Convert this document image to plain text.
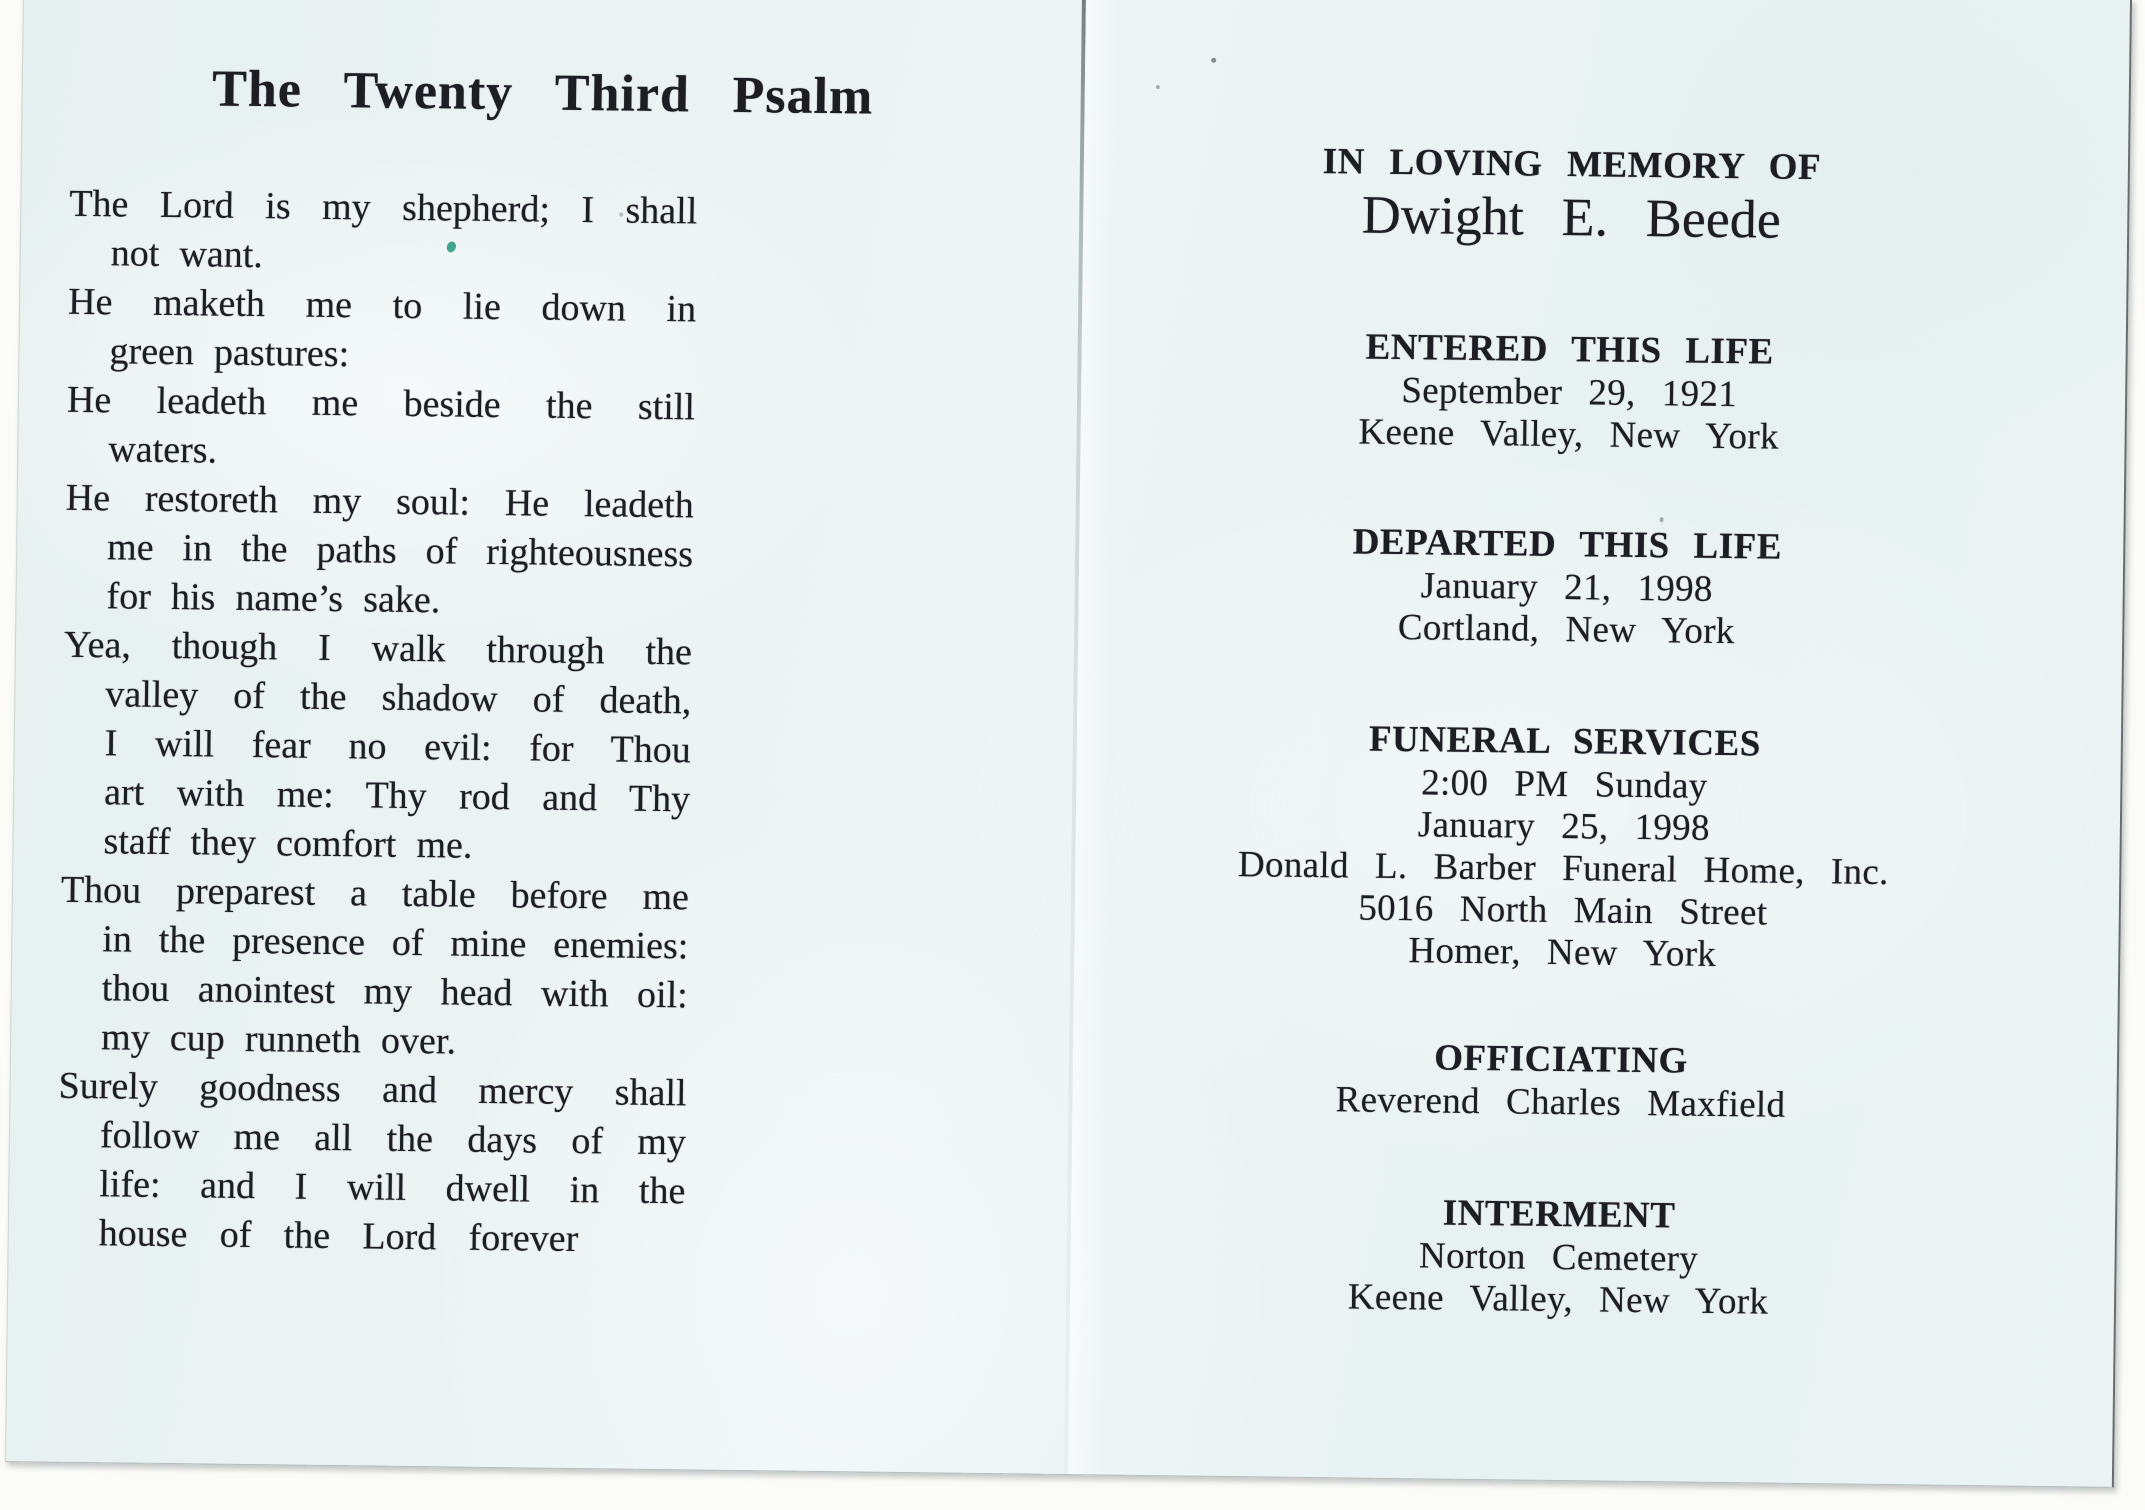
The Twenty Third Psalm
The Lord is my shepherd; I shall
not want.
He maketh me to lie down in
green pastures:
He leadeth me beside the still
waters.
He restoreth my soul: He leadeth
me in the paths of righteousness
for his name’s sake.
Yea, though I walk through the
valley of the shadow of death,
I will fear no evil: for Thou
art with me: Thy rod and Thy
staff they comfort me.
Thou preparest a table before me
in the presence of mine enemies:
thou anointest my head with oil:
my cup runneth over.
Surely goodness and mercy shall
follow me all the days of my
life: and I will dwell in the
house of the Lord forever
IN LOVING MEMORY OF
Dwight E. Beede
ENTERED THIS LIFE
September 29, 1921
Keene Valley, New York
DEPARTED THIS LIFE
January 21, 1998
Cortland, New York
FUNERAL SERVICES
2:00 PM Sunday
January 25, 1998
Donald L. Barber Funeral Home, Inc.
5016 North Main Street
Homer, New York
OFFICIATING
Reverend Charles Maxfield
INTERMENT
Norton Cemetery
Keene Valley, New York
